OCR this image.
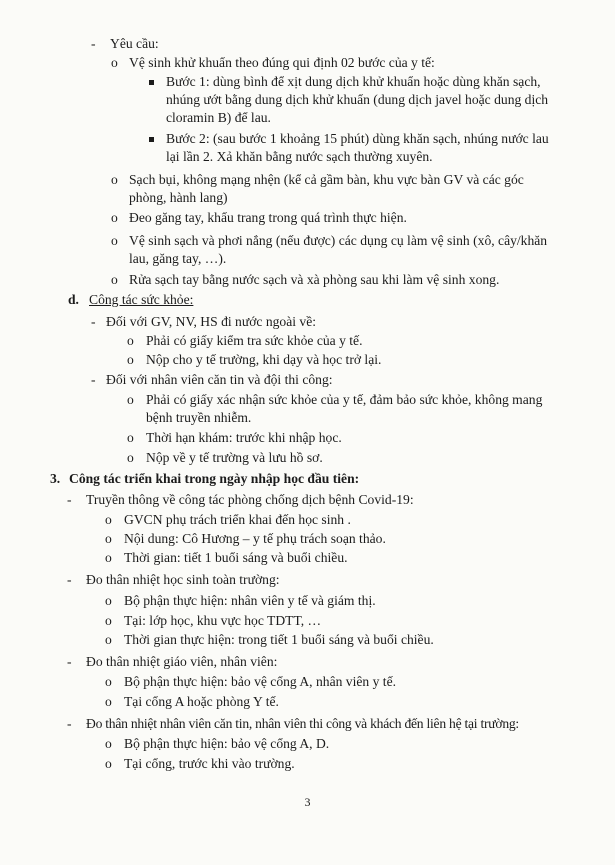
- Yêu cầu:
o Vệ sinh khử khuẩn theo đúng qui định 02 bước của y tế:
Bước 1: dùng bình để xịt dung dịch khử khuẩn hoặc dùng khăn sạch,
nhúng ướt bằng dung dịch khử khuẩn (dung dịch javel hoặc dung dịch
cloramin B) để lau.
Bước 2: (sau bước 1 khoảng 15 phút) dùng khăn sạch, nhúng nước lau
lại lần 2. Xả khăn bằng nước sạch thường xuyên.
o Sạch bụi, không mạng nhện (kể cả gầm bàn, khu vực bàn GV và các góc
phòng, hành lang)
o Đeo găng tay, khẩu trang trong quá trình thực hiện.
o Vệ sinh sạch và phơi nắng (nếu được) các dụng cụ làm vệ sinh (xô, cây/khăn
lau, găng tay, …).
o Rửa sạch tay bằng nước sạch và xà phòng sau khi làm vệ sinh xong.
d. Công tác sức khỏe:
- Đối với GV, NV, HS đi nước ngoài về:
o Phải có giấy kiểm tra sức khỏe của y tế.
o Nộp cho y tế trường, khi dạy và học trở lại.
- Đối với nhân viên căn tin và đội thi công:
o Phải có giấy xác nhận sức khỏe của y tế, đảm bảo sức khỏe, không mang
bệnh truyền nhiễm.
o Thời hạn khám: trước khi nhập học.
o Nộp về y tế trường và lưu hồ sơ.
3. Công tác triển khai trong ngày nhập học đầu tiên:
- Truyền thông về công tác phòng chống dịch bệnh Covid-19:
o GVCN phụ trách triển khai đến học sinh .
o Nội dung: Cô Hương – y tế phụ trách soạn thảo.
o Thời gian: tiết 1 buổi sáng và buổi chiều.
- Đo thân nhiệt học sinh toàn trường:
o Bộ phận thực hiện: nhân viên y tế và giám thị.
o Tại: lớp học, khu vực học TDTT, …
o Thời gian thực hiện: trong tiết 1 buổi sáng và buổi chiều.
- Đo thân nhiệt giáo viên, nhân viên:
o Bộ phận thực hiện: bảo vệ cổng A, nhân viên y tế.
o Tại cổng A hoặc phòng Y tế.
- Đo thân nhiệt nhân viên căn tin, nhân viên thi công và khách đến liên hệ tại trường:
o Bộ phận thực hiện: bảo vệ cổng A, D.
o Tại cổng, trước khi vào trường.
3
